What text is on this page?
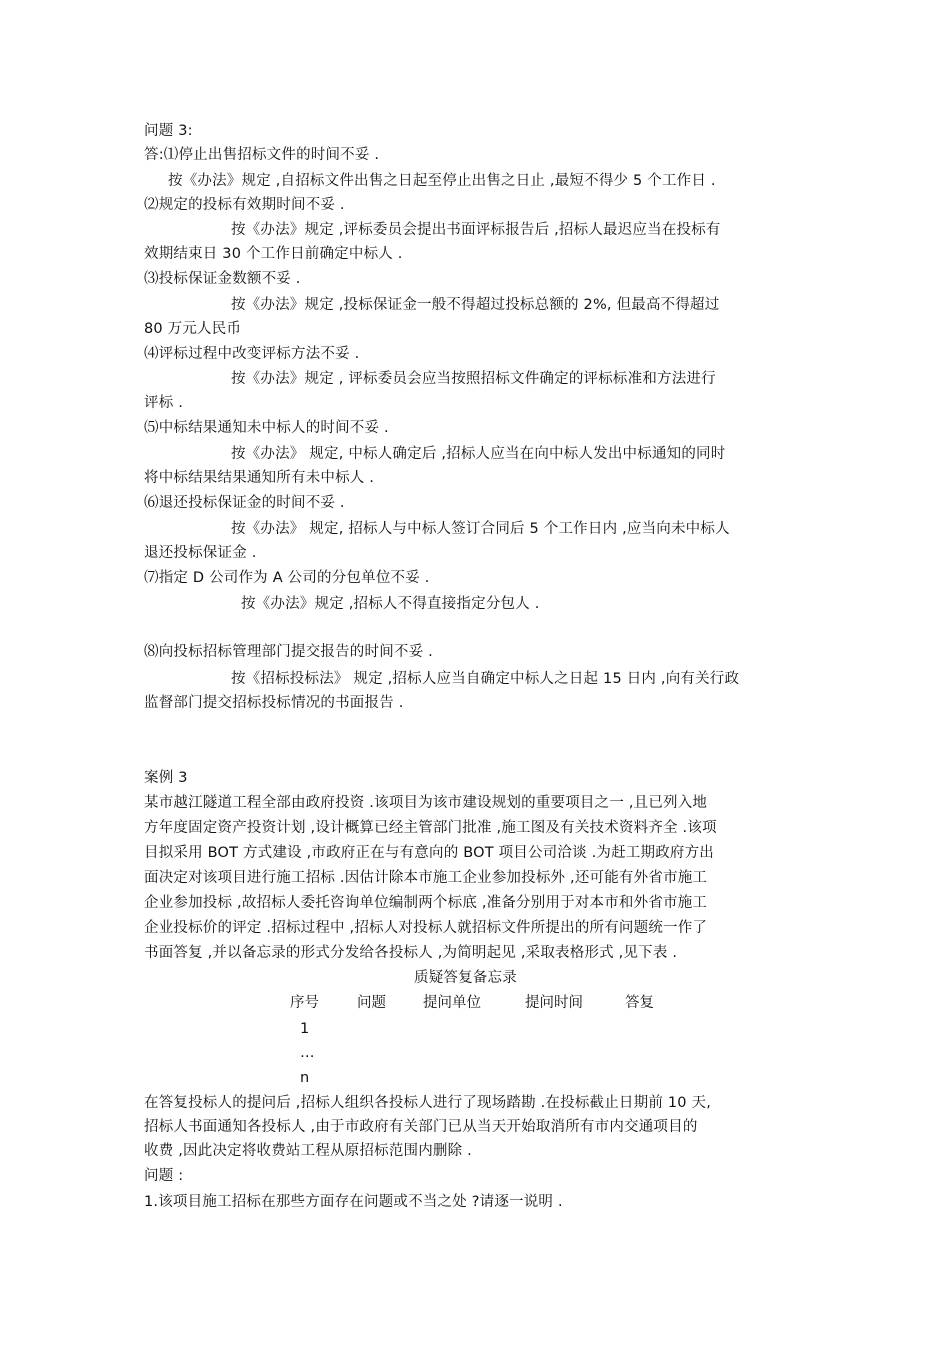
问题 3:
答:⑴停止出售招标文件的时间不妥 .
按《办法》规定 ,自招标文件出售之日起至停止出售之日止 ,最短不得少 5 个工作日 .
⑵规定的投标有效期时间不妥 .
按《办法》规定 ,评标委员会提出书面评标报告后 ,招标人最迟应当在投标有
效期结束日 30 个工作日前确定中标人 .
⑶投标保证金数额不妥 .
按《办法》规定 ,投标保证金一般不得超过投标总额的 2%, 但最高不得超过
80 万元人民币
⑷评标过程中改变评标方法不妥 .
按《办法》规定 , 评标委员会应当按照招标文件确定的评标标准和方法进行
评标 .
⑸中标结果通知未中标人的时间不妥 .
按《办法》 规定, 中标人确定后 ,招标人应当在向中标人发出中标通知的同时
将中标结果结果通知所有未中标人 .
⑹退还投标保证金的时间不妥 .
按《办法》 规定, 招标人与中标人签订合同后 5 个工作日内 ,应当向未中标人
退还投标保证金 .
⑺指定 D 公司作为 A 公司的分包单位不妥 .
按《办法》规定 ,招标人不得直接指定分包人 .
⑻向投标招标管理部门提交报告的时间不妥 .
按《招标投标法》 规定 ,招标人应当自确定中标人之日起 15 日内 ,向有关行政
监督部门提交招标投标情况的书面报告 .
案例 3
某市越江隧道工程全部由政府投资 .该项目为该市建设规划的重要项目之一 ,且已列入地
方年度固定资产投资计划 ,设计概算已经主管部门批准 ,施工图及有关技术资料齐全 .该项
目拟采用 BOT 方式建设 ,市政府正在与有意向的 BOT 项目公司洽谈 .为赶工期政府方出
面决定对该项目进行施工招标 .因估计除本市施工企业参加投标外 ,还可能有外省市施工
企业参加投标 ,故招标人委托咨询单位编制两个标底 ,准备分别用于对本市和外省市施工
企业投标价的评定 .招标过程中 ,招标人对投标人就招标文件所提出的所有问题统一作了
书面答复 ,并以备忘录的形式分发给各投标人 ,为简明起见 ,采取表格形式 ,见下表 .
质疑答复备忘录
序号	问题	提问单位	提问时间	答复
1
…
n
在答复投标人的提问后 ,招标人组织各投标人进行了现场踏勘 .在投标截止日期前 10 天,
招标人书面通知各投标人 ,由于市政府有关部门已从当天开始取消所有市内交通项目的
收费 ,因此决定将收费站工程从原招标范围内删除 .
问题 :
1.该项目施工招标在那些方面存在问题或不当之处 ?请逐一说明 .
